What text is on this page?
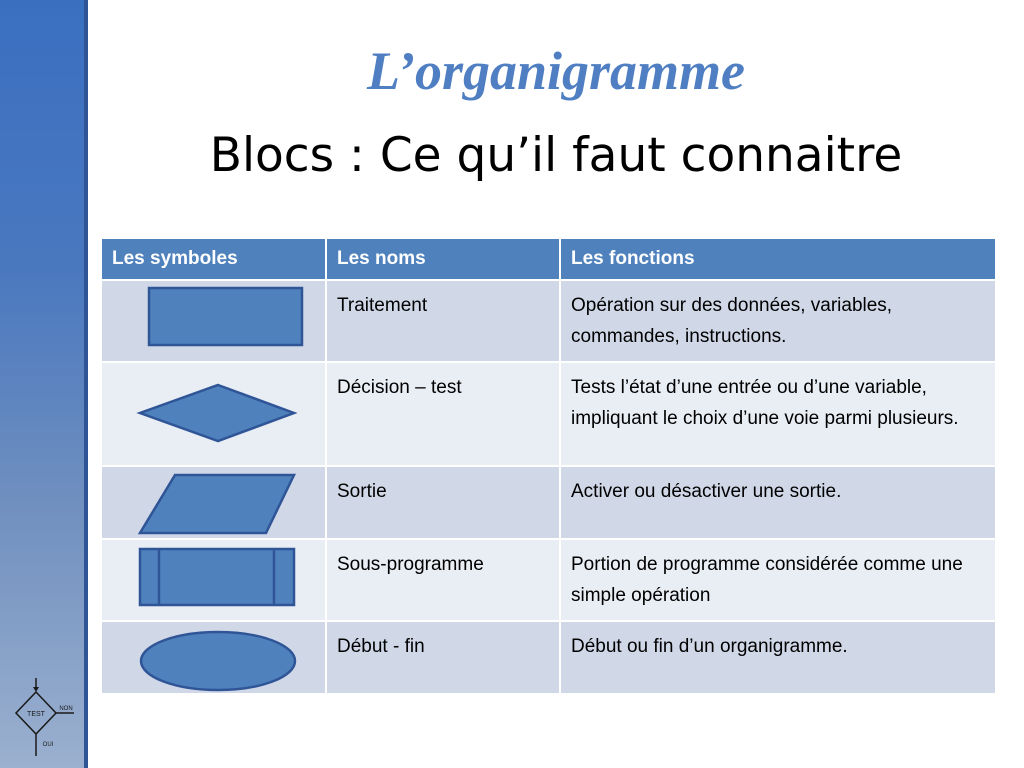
TEST
NON
OUI
L’organigramme
Blocs : Ce qu’il faut connaitre
Les symboles	Les noms	Les fonctions

	Traitement	Opération sur des données, variables, commandes, instructions.

	Décision – test	Tests l’état d’une entrée ou d’une variable, impliquant le choix d’une voie parmi plusieurs.

	Sortie	Activer ou désactiver une sortie.

	Sous-programme	Portion de programme considérée comme une simple opération

	Début - fin	Début ou fin d’un organigramme.
